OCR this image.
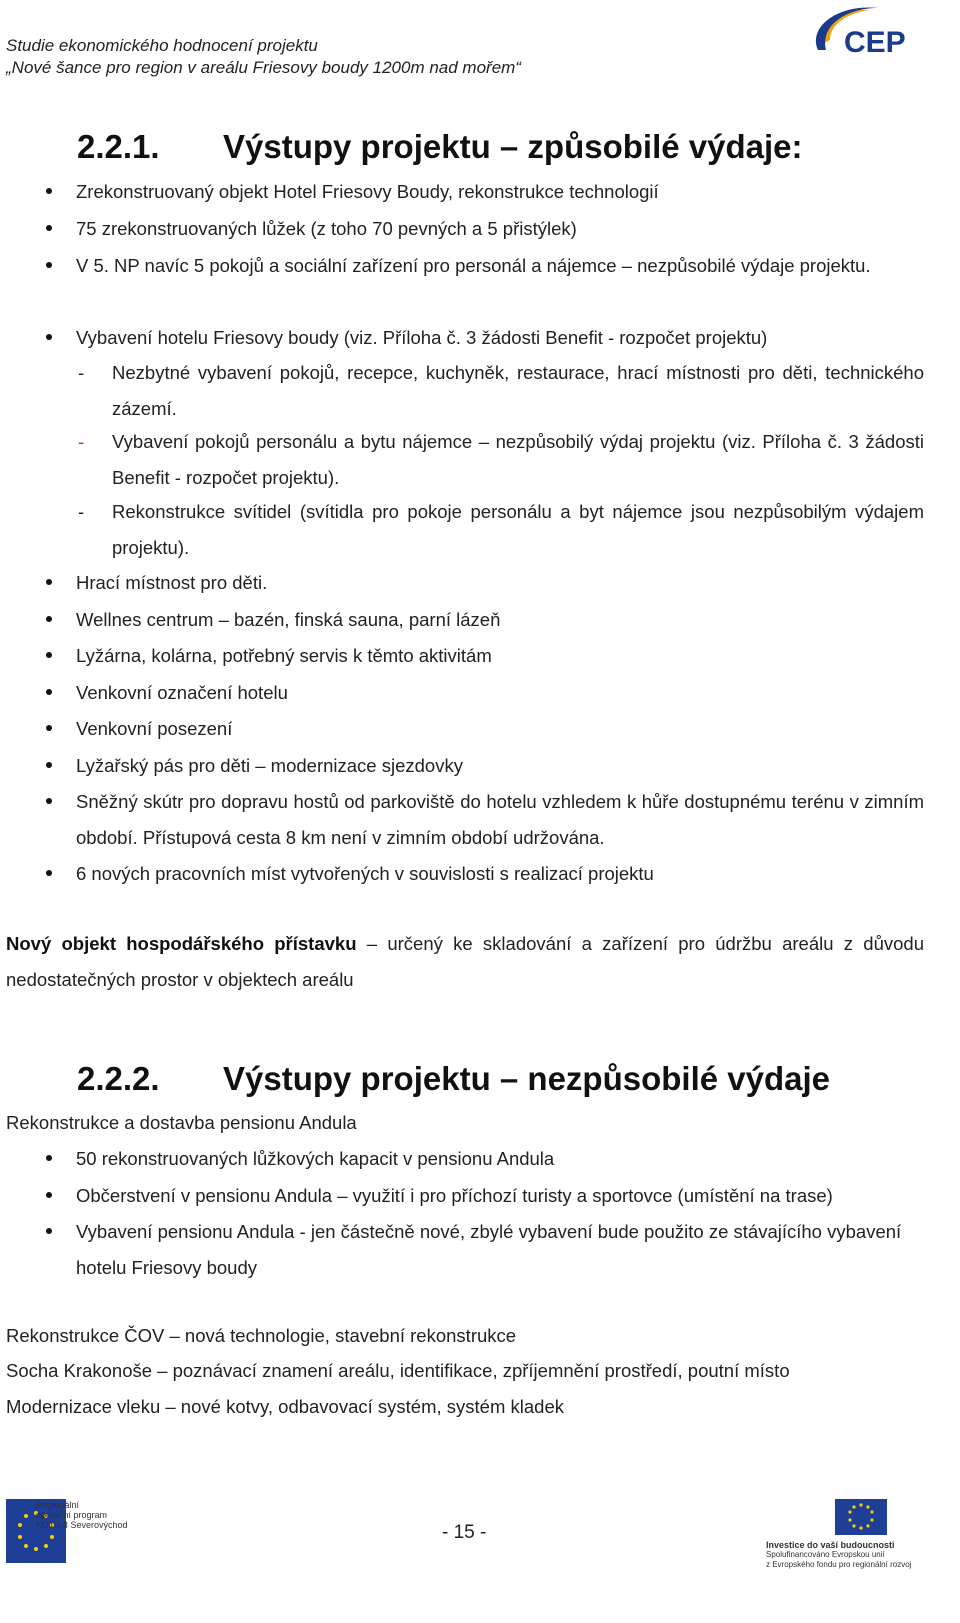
Studie ekonomického hodnocení projektu
„Nové šance pro region v areálu Friesovy boudy 1200m nad mořem“
CEP
2.2.1. Výstupy projektu – způsobilé výdaje:
Zrekonstruovaný objekt Hotel Friesovy Boudy, rekonstrukce technologií
75 zrekonstruovaných lůžek (z toho 70 pevných a 5 přistýlek)
V 5. NP navíc 5 pokojů a sociální zařízení pro personál a nájemce – nezpůsobilé výdaje projektu.
Vybavení hotelu Friesovy boudy (viz. Příloha č. 3 žádosti Benefit - rozpočet projektu)
- Nezbytné vybavení pokojů, recepce, kuchyněk, restaurace, hrací místnosti pro děti, technického zázemí.
- Vybavení pokojů personálu a bytu nájemce – nezpůsobilý výdaj projektu (viz. Příloha č. 3 žádosti Benefit - rozpočet projektu).
- Rekonstrukce svítidel (svítidla pro pokoje personálu a byt nájemce jsou nezpůsobilým výdajem projektu).
Hrací místnost pro děti.
Wellnes centrum – bazén, finská sauna, parní lázeň
Lyžárna, kolárna, potřebný servis k těmto aktivitám
Venkovní označení hotelu
Venkovní posezení
Lyžařský pás pro děti – modernizace sjezdovky
Sněžný skútr pro dopravu hostů od parkoviště do hotelu vzhledem k hůře dostupnému terénu v zimním období. Přístupová cesta 8 km není v zimním období udržována.
6 nových pracovních míst vytvořených v souvislosti s realizací projektu
Nový objekt hospodářského přístavku – určený ke skladování a zařízení pro údržbu areálu z důvodu nedostatečných prostor v objektech areálu
2.2.2. Výstupy projektu – nezpůsobilé výdaje
Rekonstrukce a dostavba pensionu Andula
50 rekonstruovaných lůžkových kapacit v pensionu Andula
Občerstvení v pensionu Andula – využití i pro příchozí turisty a sportovce (umístění na trase)
Vybavení pensionu Andula - jen částečně nové, zbylé vybavení bude použito ze stávajícího vybavení hotelu Friesovy boudy
Rekonstrukce ČOV – nová technologie, stavební rekonstrukce
Socha Krakonoše – poznávací znamení areálu, identifikace, zpříjemnění prostředí, poutní místo
Modernizace vleku – nové kotvy, odbavovací systém, systém kladek
Regionální
operační program
NUTS II Severovýchod	- 15 -
Investice do vaší budoucnosti
Spolufinancováno Evropskou unií
z Evropského fondu pro regionální rozvoj
